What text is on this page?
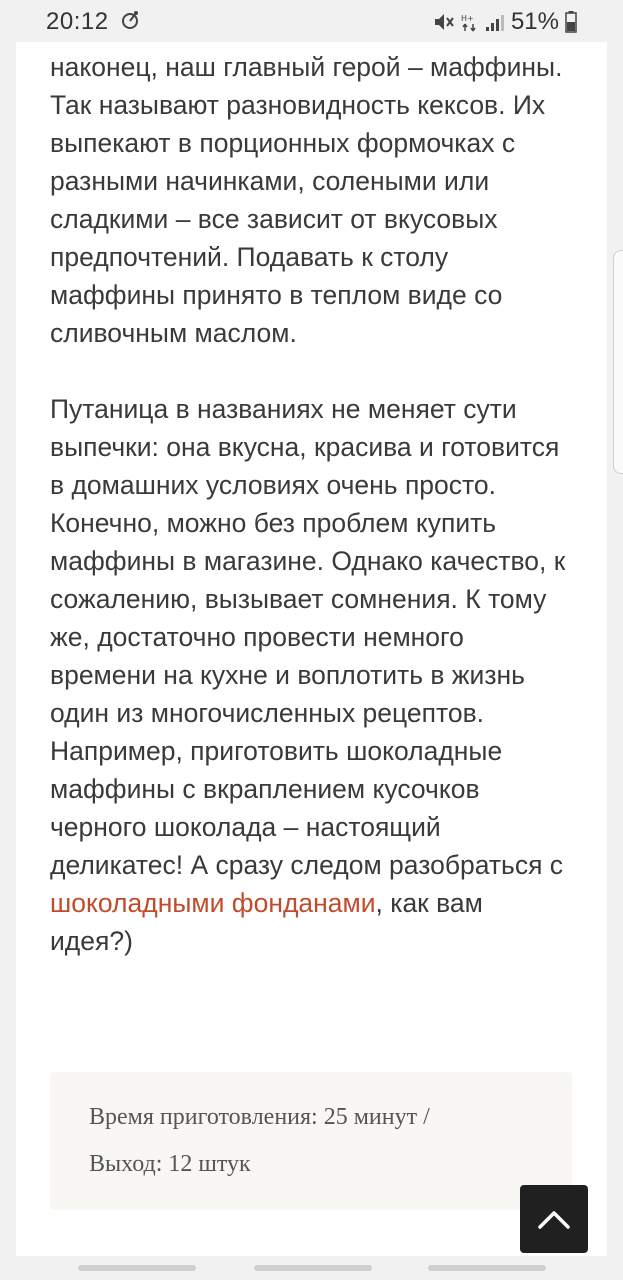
20:12	H+ 51%

наконец, наш главный герой – маффины. Так называют разновидность кексов. Их выпекают в порционных формочках с разными начинками, солеными или сладкими – все зависит от вкусовых предпочтений. Подавать к столу маффины принято в теплом виде со сливочным маслом.

Путаница в названиях не меняет сути выпечки: она вкусна, красива и готовится в домашних условиях очень просто. Конечно, можно без проблем купить маффины в магазине. Однако качество, к сожалению, вызывает сомнения. К тому же, достаточно провести немного времени на кухне и воплотить в жизнь один из многочисленных рецептов. Например, приготовить шоколадные маффины с вкраплением кусочков черного шоколада – настоящий деликатес! А сразу следом разобраться с шоколадными фонданами, как вам идея?)

Время приготовления: 25 минут /
Выход: 12 штук
